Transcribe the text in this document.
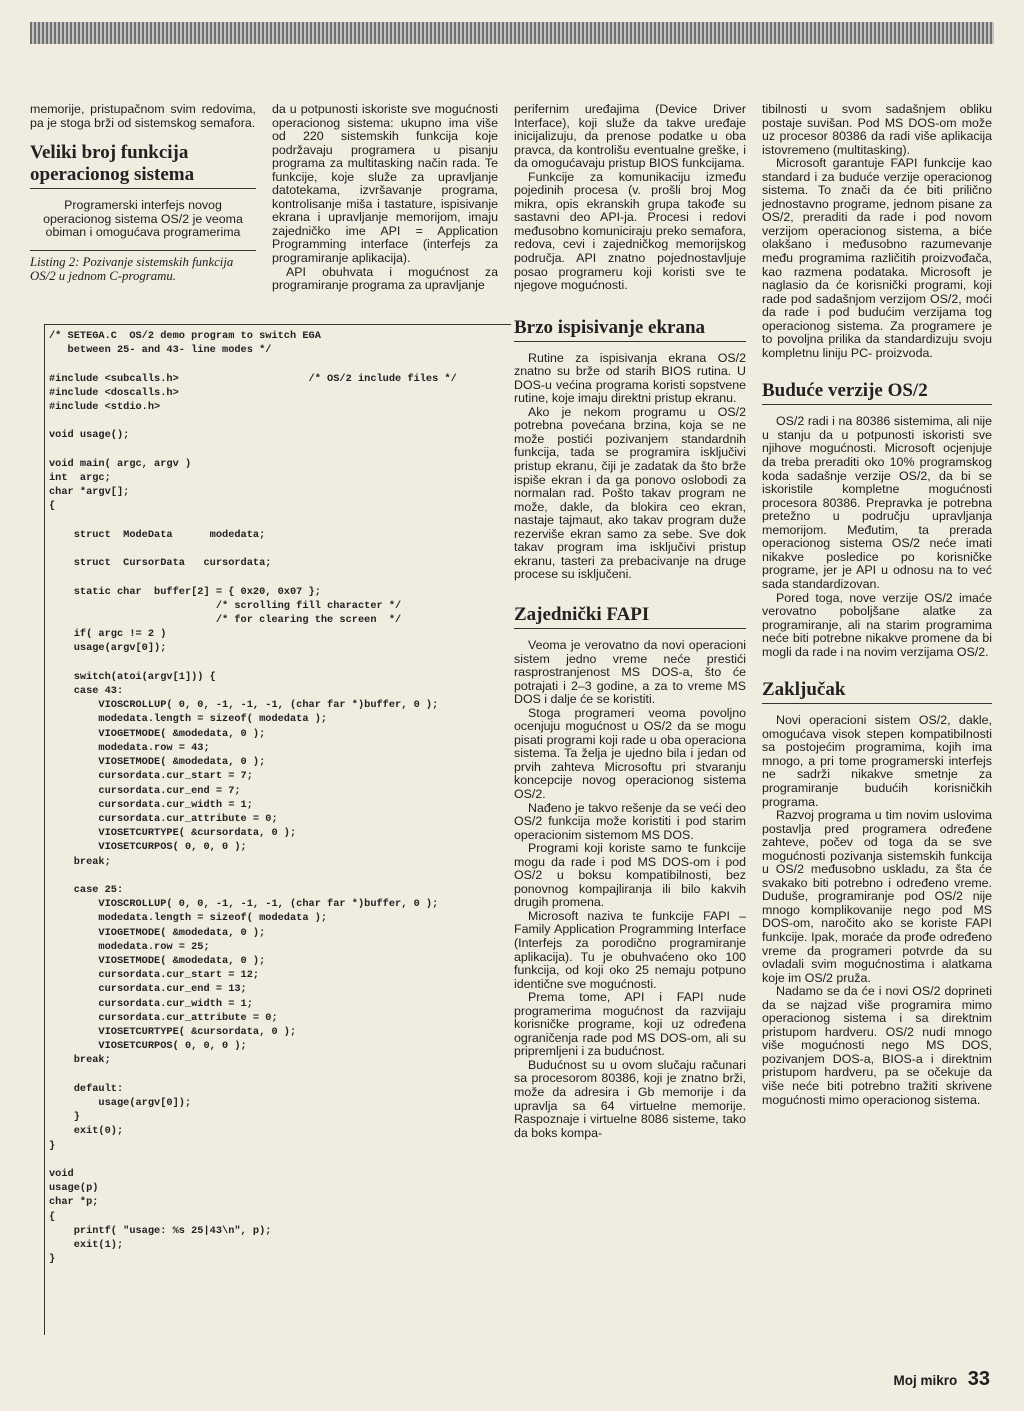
memorije, pristupačnom svim redovima, pa je stoga brži od sistemskog semafora.

Veliki broj funkcija operacionog sistema

Programerski interfejs novog operacionog sistema OS/2 je veoma obiman i omogućava programerima

Listing 2: Pozivanje sistemskih funkcija OS/2 u jednom C-programu.

da u potpunosti iskoriste sve mogućnosti operacionog sistema: ukupno ima više od 220 sistemskih funkcija koje podržavaju programera u pisanju programa za multitasking način rada. Te funkcije, koje služe za upravljanje datotekama, izvršavanje programa, kontrolisanje miša i tastature, ispisivanje ekrana i upravljanje memorijom, imaju zajedničko ime API = Application Programming interface (interfejs za programiranje aplikacija).

API obuhvata i mogućnost za programiranje programa za upravljanje

/* SETEGA.C  OS/2 demo program to switch EGA
between 25- and 43- line modes */

#include <subcalls.h>                     /* OS/2 include files */
#include <doscalls.h>
#include <stdio.h>

void usage();

void main( argc, argv )
int  argc;
char *argv[];
{

struct  ModeData      modedata;

struct  CursorData   cursordata;

static char  buffer[2] = { 0x20, 0x07 };
/* scrolling fill character */
/* for clearing the screen  */
if( argc != 2 )
usage(argv[0]);

switch(atoi(argv[1])) {
case 43:
VIOSCROLLUP( 0, 0, -1, -1, -1, (char far *)buffer, 0 );
modedata.length = sizeof( modedata );
VIOGETMODE( &modedata, 0 );
modedata.row = 43;
VIOSETMODE( &modedata, 0 );
cursordata.cur_start = 7;
cursordata.cur_end = 7;
cursordata.cur_width = 1;
cursordata.cur_attribute = 0;
VIOSETCURTYPE( &cursordata, 0 );
VIOSETCURPOS( 0, 0, 0 );
break;

case 25:
VIOSCROLLUP( 0, 0, -1, -1, -1, (char far *)buffer, 0 );
modedata.length = sizeof( modedata );
VIOGETMODE( &modedata, 0 );
modedata.row = 25;
VIOSETMODE( &modedata, 0 );
cursordata.cur_start = 12;
cursordata.cur_end = 13;
cursordata.cur_width = 1;
cursordata.cur_attribute = 0;
VIOSETCURTYPE( &cursordata, 0 );
VIOSETCURPOS( 0, 0, 0 );
break;

default:
usage(argv[0]);
}
exit(0);
}

void
usage(p)
char *p;
{
printf( "usage: %s 25|43\n", p);
exit(1);
}

perifernim uređajima (Device Driver Interface), koji služe da takve uređaje inicijalizuju, da prenose podatke u oba pravca, da kontrolišu eventualne greške, i da omogućavaju pristup BIOS funkcijama.

Funkcije za komunikaciju između pojedinih procesa (v. prošli broj Mog mikra, opis ekranskih grupa takođe su sastavni deo API-ja. Procesi i redovi međusobno komuniciraju preko semafora, redova, cevi i zajedničkog memorijskog područja. API znatno pojednostavljuje posao programeru koji koristi sve te njegove mogućnosti.

Brzo ispisivanje ekrana

Rutine za ispisivanja ekrana OS/2 znatno su brže od starih BIOS rutina. U DOS-u većina programa koristi sopstvene rutine, koje imaju direktni pristup ekranu.

Ako je nekom programu u OS/2 potrebna povećana brzina, koja se ne može postići pozivanjem standardnih funkcija, tada se programira isključivi pristup ekranu, čiji je zadatak da što brže ispiše ekran i da ga ponovo oslobodi za normalan rad. Pošto takav program ne može, dakle, da blokira ceo ekran, nastaje tajmaut, ako takav program duže rezerviše ekran samo za sebe. Sve dok takav program ima isključivi pristup ekranu, tasteri za prebacivanje na druge procese su isključeni.

Zajednički FAPI

Veoma je verovatno da novi operacioni sistem jedno vreme neće prestići rasprostranjenost MS DOS-a, što će potrajati i 2–3 godine, a za to vreme MS DOS i dalje će se koristiti.

Stoga programeri veoma povoljno ocenjuju mogućnost u OS/2 da se mogu pisati programi koji rade u oba operaciona sistema. Ta želja je ujedno bila i jedan od prvih zahteva Microsoftu pri stvaranju koncepcije novog operacionog sistema OS/2.

Nađeno je takvo rešenje da se veći deo OS/2 funkcija može koristiti i pod starim operacionim sistemom MS DOS.

Programi koji koriste samo te funkcije mogu da rade i pod MS DOS-om i pod OS/2 u boksu kompatibilnosti, bez ponovnog kompajliranja ili bilo kakvih drugih promena.

Microsoft naziva te funkcije FAPI – Family Application Programming Interface (Interfejs za porodično programiranje aplikacija). Tu je obuhvaćeno oko 100 funkcija, od koji oko 25 nemaju potpuno identične sve mogućnosti.

Prema tome, API i FAPI nude programerima mogućnost da razvijaju korisničke programe, koji uz određena ograničenja rade pod MS DOS-om, ali su pripremljeni i za budućnost.

Budućnost su u ovom slučaju računari sa procesorom 80386, koji je znatno brži, može da adresira i Gb memorije i da upravlja sa 64 virtuelne memorije. Raspoznaje i virtuelne 8086 sisteme, tako da boks kompa-

tibilnosti u svom sadašnjem obliku postaje suvišan. Pod MS DOS-om može uz procesor 80386 da radi više aplikacija istovremeno (multitasking).

Microsoft garantuje FAPI funkcije kao standard i za buduće verzije operacionog sistema. To znači da će biti prilično jednostavno programe, jednom pisane za OS/2, preraditi da rade i pod novom verzijom operacionog sistema, a biće olakšano i međusobno razumevanje među programima različitih proizvođača, kao razmena podataka. Microsoft je naglasio da će korisnički programi, koji rade pod sadašnjom verzijom OS/2, moći da rade i pod budućim verzijama tog operacionog sistema. Za programere je to povoljna prilika da standardizuju svoju kompletnu liniju PC- proizvoda.

Buduće verzije OS/2

OS/2 radi i na 80386 sistemima, ali nije u stanju da u potpunosti iskoristi sve njihove mogućnosti. Microsoft ocjenjuje da treba preraditi oko 10% programskog koda sadašnje verzije OS/2, da bi se iskoristile kompletne mogućnosti procesora 80386. Prepravka je potrebna pretežno u području upravljanja memorijom. Međutim, ta prerada operacionog sistema OS/2 neće imati nikakve posledice po korisničke programe, jer je API u odnosu na to već sada standardizovan.

Pored toga, nove verzije OS/2 imaće verovatno poboljšane alatke za programiranje, ali na starim programima neće biti potrebne nikakve promene da bi mogli da rade i na novim verzijama OS/2.

Zaključak

Novi operacioni sistem OS/2, dakle, omogućava visok stepen kompatibilnosti sa postojećim programima, kojih ima mnogo, a pri tome programerski interfejs ne sadrži nikakve smetnje za programiranje budućih korisničkih programa.

Razvoj programa u tim novim uslovima postavlja pred programera određene zahteve, počev od toga da se sve mogućnosti pozivanja sistemskih funkcija u OS/2 međusobno uskladu, za šta će svakako biti potrebno i određeno vreme. Duduše, programiranje pod OS/2 nije mnogo komplikovanije nego pod MS DOS-om, naročito ako se koriste FAPI funkcije. Ipak, moraće da prođe određeno vreme da programeri potvrde da su ovladali svim mogućnostima i alatkama koje im OS/2 pruža.

Nadamo se da će i novi OS/2 doprineti da se najzad više programira mimo operacionog sistema i sa direktnim pristupom hardveru. OS/2 nudi mnogo više mogućnosti nego MS DOS, pozivanjem DOS-a, BIOS-a i direktnim pristupom hardveru, pa se očekuje da više neće biti potrebno tražiti skrivene mogućnosti mimo operacionog sistema.

Moj mikro 33
